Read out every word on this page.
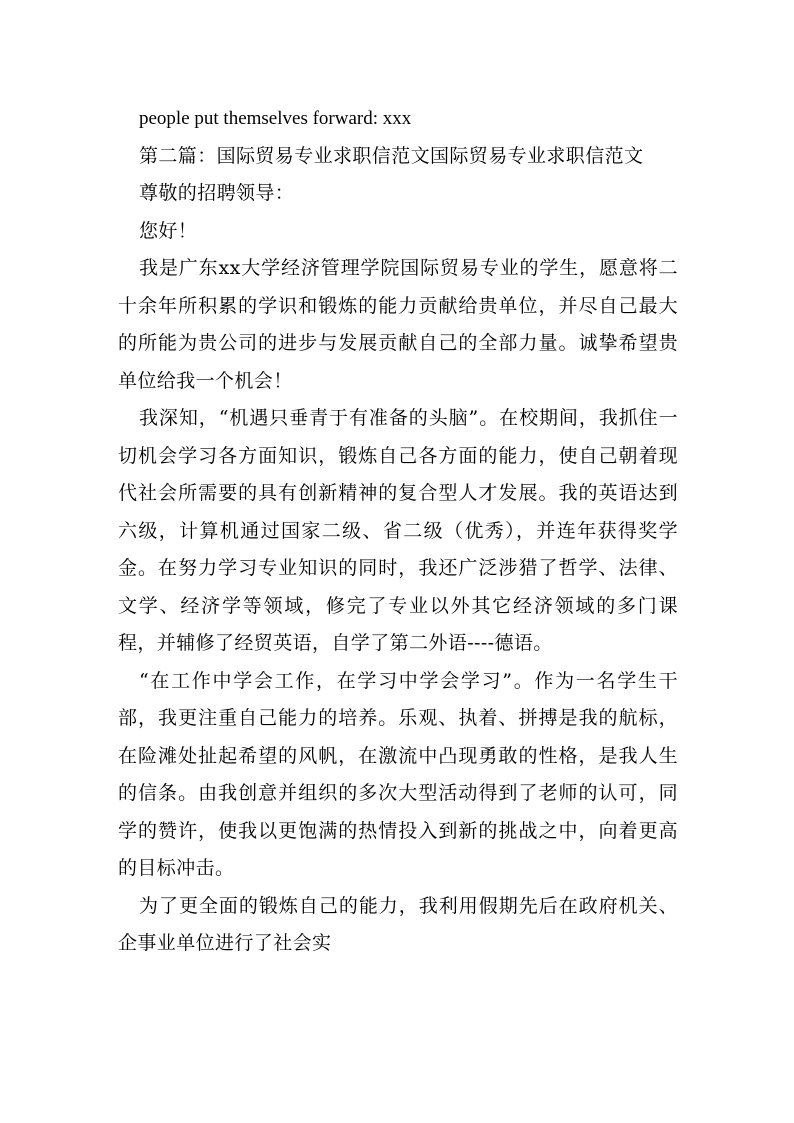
people put themselves forward: xxx

第二篇：国际贸易专业求职信范文国际贸易专业求职信范文

尊敬的招聘领导：

您好！

我是广东xx大学经济管理学院国际贸易专业的学生，愿意将二十余年所积累的学识和锻炼的能力贡献给贵单位，并尽自己最大的所能为贵公司的进步与发展贡献自己的全部力量。诚挚希望贵单位给我一个机会！

我深知，“机遇只垂青于有准备的头脑”。在校期间，我抓住一切机会学习各方面知识，锻炼自己各方面的能力，使自己朝着现代社会所需要的具有创新精神的复合型人才发展。我的英语达到六级，计算机通过国家二级、省二级（优秀），并连年获得奖学金。在努力学习专业知识的同时，我还广泛涉猎了哲学、法律、文学、经济学等领域，修完了专业以外其它经济领域的多门课程，并辅修了经贸英语，自学了第二外语----德语。

“在工作中学会工作，在学习中学会学习”。作为一名学生干部，我更注重自己能力的培养。乐观、执着、拼搏是我的航标，在险滩处扯起希望的风帆，在激流中凸现勇敢的性格，是我人生的信条。由我创意并组织的多次大型活动得到了老师的认可，同学的赞许，使我以更饱满的热情投入到新的挑战之中，向着更高的目标冲击。

为了更全面的锻炼自己的能力，我利用假期先后在政府机关、企事业单位进行了社会实
